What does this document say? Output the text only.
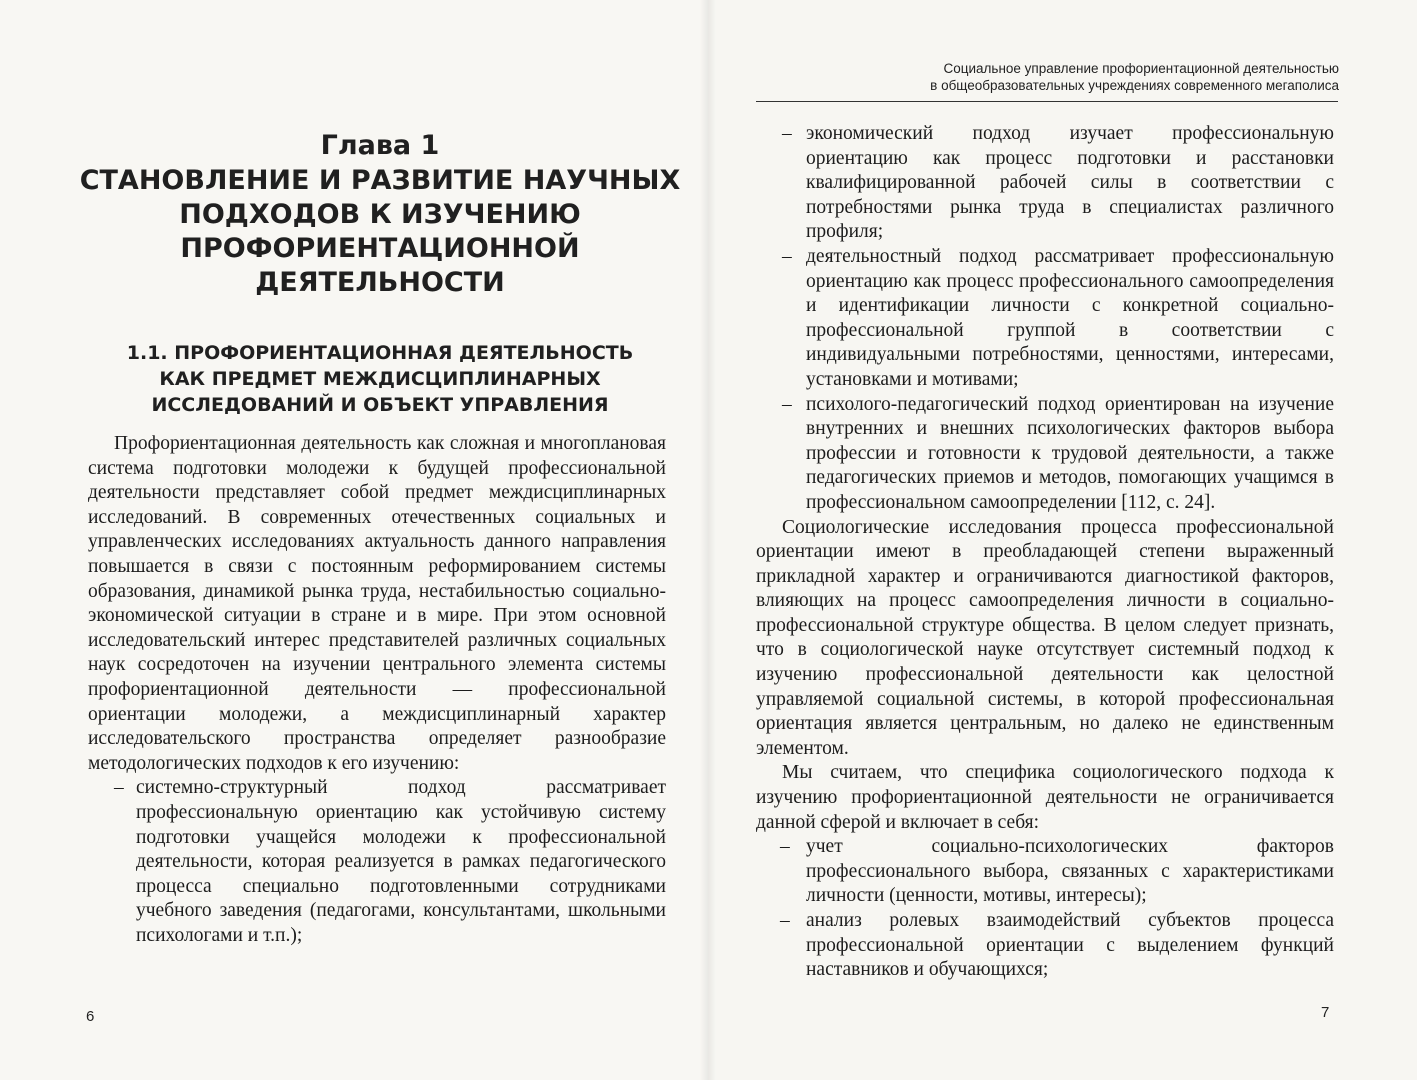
Глава 1
СТАНОВЛЕНИЕ И РАЗВИТИЕ НАУЧНЫХ
ПОДХОДОВ К ИЗУЧЕНИЮ
ПРОФОРИЕНТАЦИОННОЙ ДЕЯТЕЛЬНОСТИ
1.1. ПРОФОРИЕНТАЦИОННАЯ ДЕЯТЕЛЬНОСТЬ
КАК ПРЕДМЕТ МЕЖДИСЦИПЛИНАРНЫХ
ИССЛЕДОВАНИЙ И ОБЪЕКТ УПРАВЛЕНИЯ

Профориентационная деятельность как сложная и многоплановая система подготовки молодежи к будущей профессиональной деятельности представляет собой предмет междисциплинарных исследований. В современных отечественных социальных и управленческих исследованиях актуальность данного направления повышается в связи с постоянным реформированием системы образования, динамикой рынка труда, нестабильностью социально-экономической ситуации в стране и в мире. При этом основной исследовательский интерес представителей различных социальных наук сосредоточен на изучении центрального элемента системы профориентационной деятельности — профессиональной ориентации молодежи, а междисциплинарный характер исследовательского пространства определяет разнообразие методологических подходов к его изучению:

– системно-структурный подход рассматривает профессиональную ориентацию как устойчивую систему подготовки учащейся молодежи к профессиональной деятельности, которая реализуется в рамках педагогического процесса специально подготовленными сотрудниками учебного заведения (педагогами, консультантами, школьными психологами и т.п.);
6
Социальное управление профориентационной деятельностью
в общеобразовательных учреждениях современного мегаполиса
– экономический подход изучает профессиональную ориентацию как процесс подготовки и расстановки квалифицированной рабочей силы в соответствии с потребностями рынка труда в специалистах различного профиля;
– деятельностный подход рассматривает профессиональную ориентацию как процесс профессионального самоопределения и идентификации личности с конкретной социально-профессиональной группой в соответствии с индивидуальными потребностями, ценностями, интересами, установками и мотивами;
– психолого-педагогический подход ориентирован на изучение внутренних и внешних психологических факторов выбора профессии и готовности к трудовой деятельности, а также педагогических приемов и методов, помогающих учащимся в профессиональном самоопределении [112, с. 24].

Социологические исследования процесса профессиональной ориентации имеют в преобладающей степени выраженный прикладной характер и ограничиваются диагностикой факторов, влияющих на процесс самоопределения личности в социально-профессиональной структуре общества. В целом следует признать, что в социологической науке отсутствует системный подход к изучению профессиональной деятельности как целостной управляемой социальной системы, в которой профессиональная ориентация является центральным, но далеко не единственным элементом.

Мы считаем, что специфика социологического подхода к изучению профориентационной деятельности не ограничивается данной сферой и включает в себя:

– учет социально-психологических факторов профессионального выбора, связанных с характеристиками личности (ценности, мотивы, интересы);
– анализ ролевых взаимодействий субъектов процесса профессиональной ориентации с выделением функций наставников и обучающихся;
7
